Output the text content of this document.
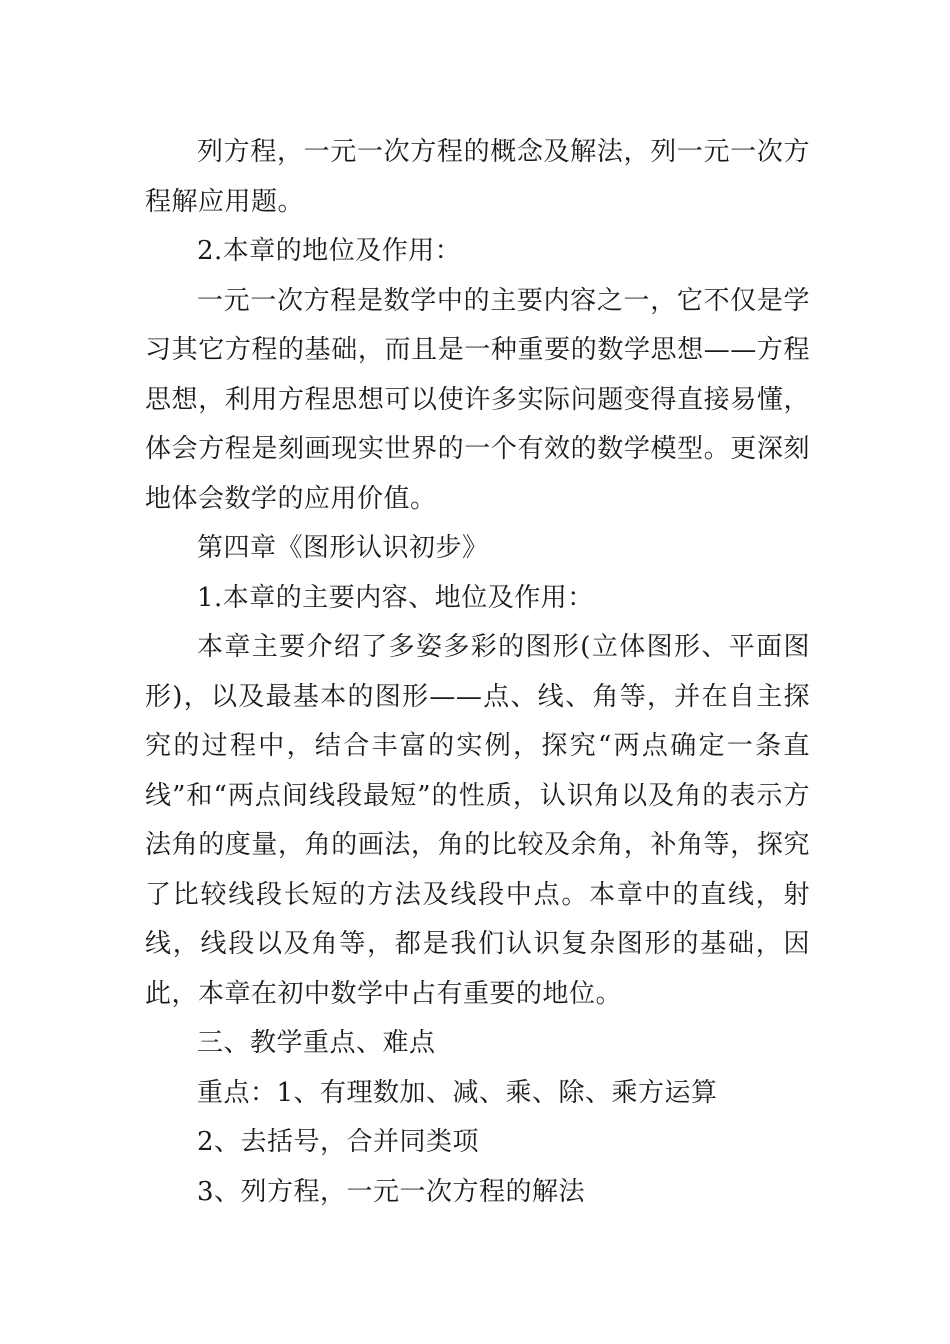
列方程，一元一次方程的概念及解法，列一元一次方程解应用题。

2.本章的地位及作用：

一元一次方程是数学中的主要内容之一，它不仅是学习其它方程的基础，而且是一种重要的数学思想——方程思想，利用方程思想可以使许多实际问题变得直接易懂，体会方程是刻画现实世界的一个有效的数学模型。更深刻地体会数学的应用价值。

第四章《图形认识初步》

1.本章的主要内容、地位及作用：

本章主要介绍了多姿多彩的图形(立体图形、平面图形)，以及最基本的图形——点、线、角等，并在自主探究的过程中，结合丰富的实例，探究“两点确定一条直线”和“两点间线段最短”的性质，认识角以及角的表示方法角的度量，角的画法，角的比较及余角，补角等，探究了比较线段长短的方法及线段中点。本章中的直线，射线，线段以及角等，都是我们认识复杂图形的基础，因此，本章在初中数学中占有重要的地位。

三、教学重点、难点

重点：1、有理数加、减、乘、除、乘方运算

2、去括号，合并同类项

3、列方程，一元一次方程的解法
